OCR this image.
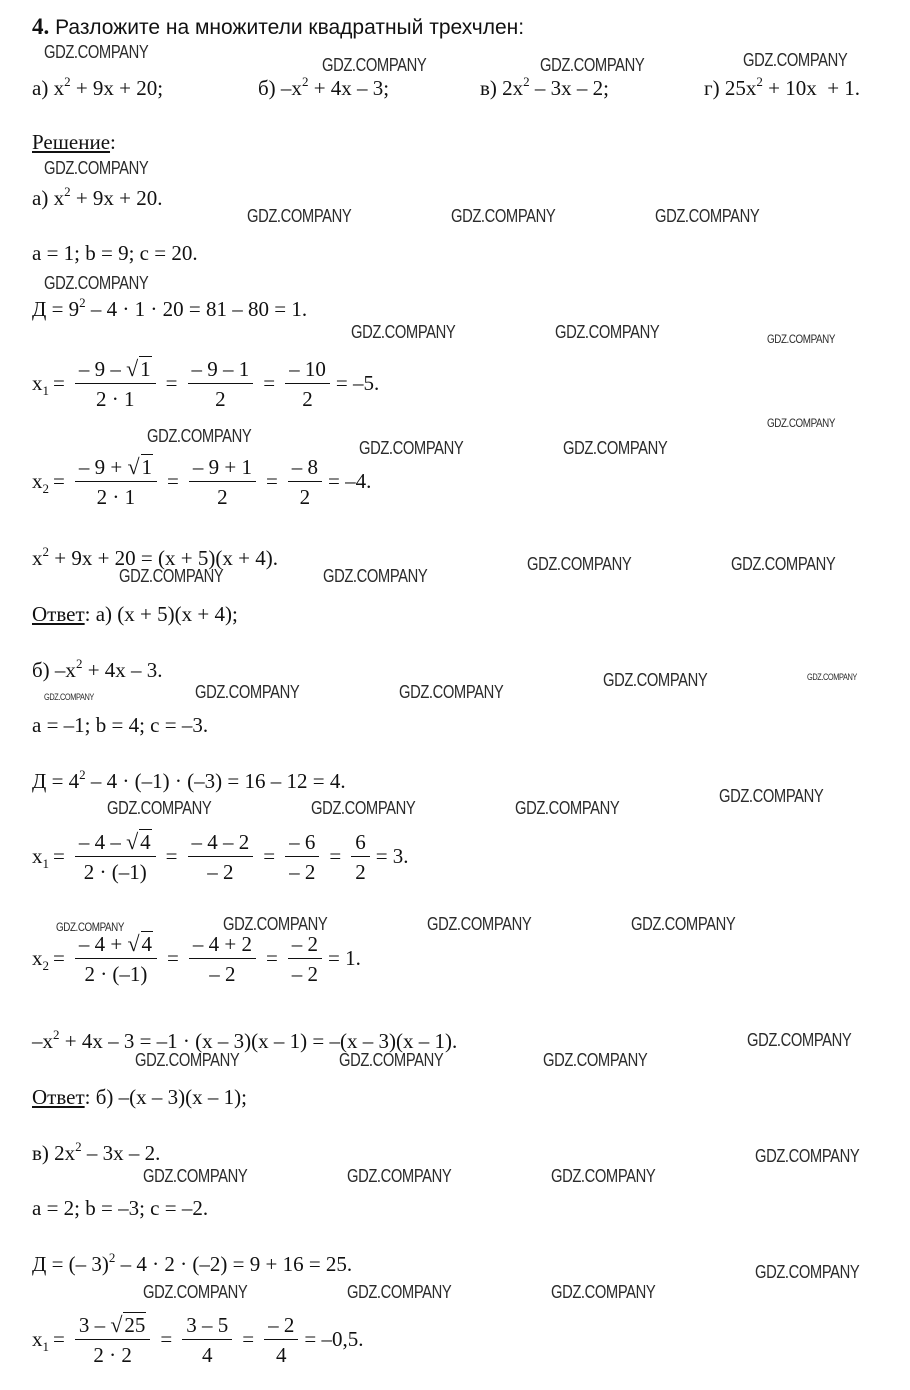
4. Разложите на множители квадратный трехчлен:
а) $x^2 + 9x + 20$;	б) $-x^2 + 4x - 3$;	в) $2x^2 - 3x - 2$;	г) $25x^2 + 10x + 1$.
Решение:
а) $x^2 + 9x + 20$.
a = 1; b = 9; c = 20.
$Д = 9^2 - 4 \cdot 1 \cdot 20 = 81 - 80 = 1$.
$x_1 = \frac{- 9 - √1}{2 \cdot 1} = \frac{- 9 - 1}{2} = \frac{- 10}{2} = -5$.
$x_2 = \frac{- 9 + √1}{2 \cdot 1} = \frac{- 9 + 1}{2} = \frac{- 8}{2} = -4$.
$x^2 + 9x + 20 = (x + 5)(x + 4)$.
Ответ: а) (x + 5)(x + 4);
б) $-x^2 + 4x - 3$.
a = –1; b = 4; c = –3.
$Д = 4^2 - 4 \cdot (-1) \cdot (-3) = 16 - 12 = 4$.
$x_1 = \frac{- 4 - √4}{2 \cdot (-1)} = \frac{- 4 - 2}{- 2} = \frac{- 6}{- 2} = \frac{6}{2} = 3$.
$x_2 = \frac{- 4 + √4}{2 \cdot (-1)} = \frac{- 4 + 2}{- 2} = \frac{- 2}{- 2} = 1$.
$-x^2 + 4x - 3 = -1 \cdot (x - 3)(x - 1) = -(x - 3)(x - 1)$.
Ответ: б) –(x – 3)(x – 1);
в) $2x^2 - 3x - 2$.
a = 2; b = –3; c = –2.
Д = (– 3)$^2$ – 4 · 2 · (–2) = 9 + 16 = 25.
$x_1 = \frac{3 - √25}{2 \cdot 2} = \frac{3 - 5}{4} = \frac{- 2}{4} = -0,5$.
GDZ.COMPANY
GDZ.COMPANY	GDZ.COMPANY	GDZ.COMPANY
GDZ.COMPANY
GDZ.COMPANY	GDZ.COMPANY	GDZ.COMPANY
GDZ.COMPANY
GDZ.COMPANY	GDZ.COMPANY	GDZ.COMPANY
GDZ.COMPANY
GDZ.COMPANY
GDZ.COMPANY	GDZ.COMPANY
GDZ.COMPANY	GDZ.COMPANY
GDZ.COMPANY	GDZ.COMPANY
GDZ.COMPANY	GDZ.COMPANY	GDZ.COMPANY
GDZ.COMPANY	GDZ.COMPANY
GDZ.COMPANY	GDZ.COMPANY	GDZ.COMPANY
GDZ.COMPANY
GDZ.COMPANY	GDZ.COMPANY	GDZ.COMPANY	GDZ.COMPANY
GDZ.COMPANY	GDZ.COMPANY	GDZ.COMPANY
GDZ.COMPANY
GDZ.COMPANY	GDZ.COMPANY	GDZ.COMPANY
GDZ.COMPANY
GDZ.COMPANY	GDZ.COMPANY	GDZ.COMPANY
GDZ.COMPANY
